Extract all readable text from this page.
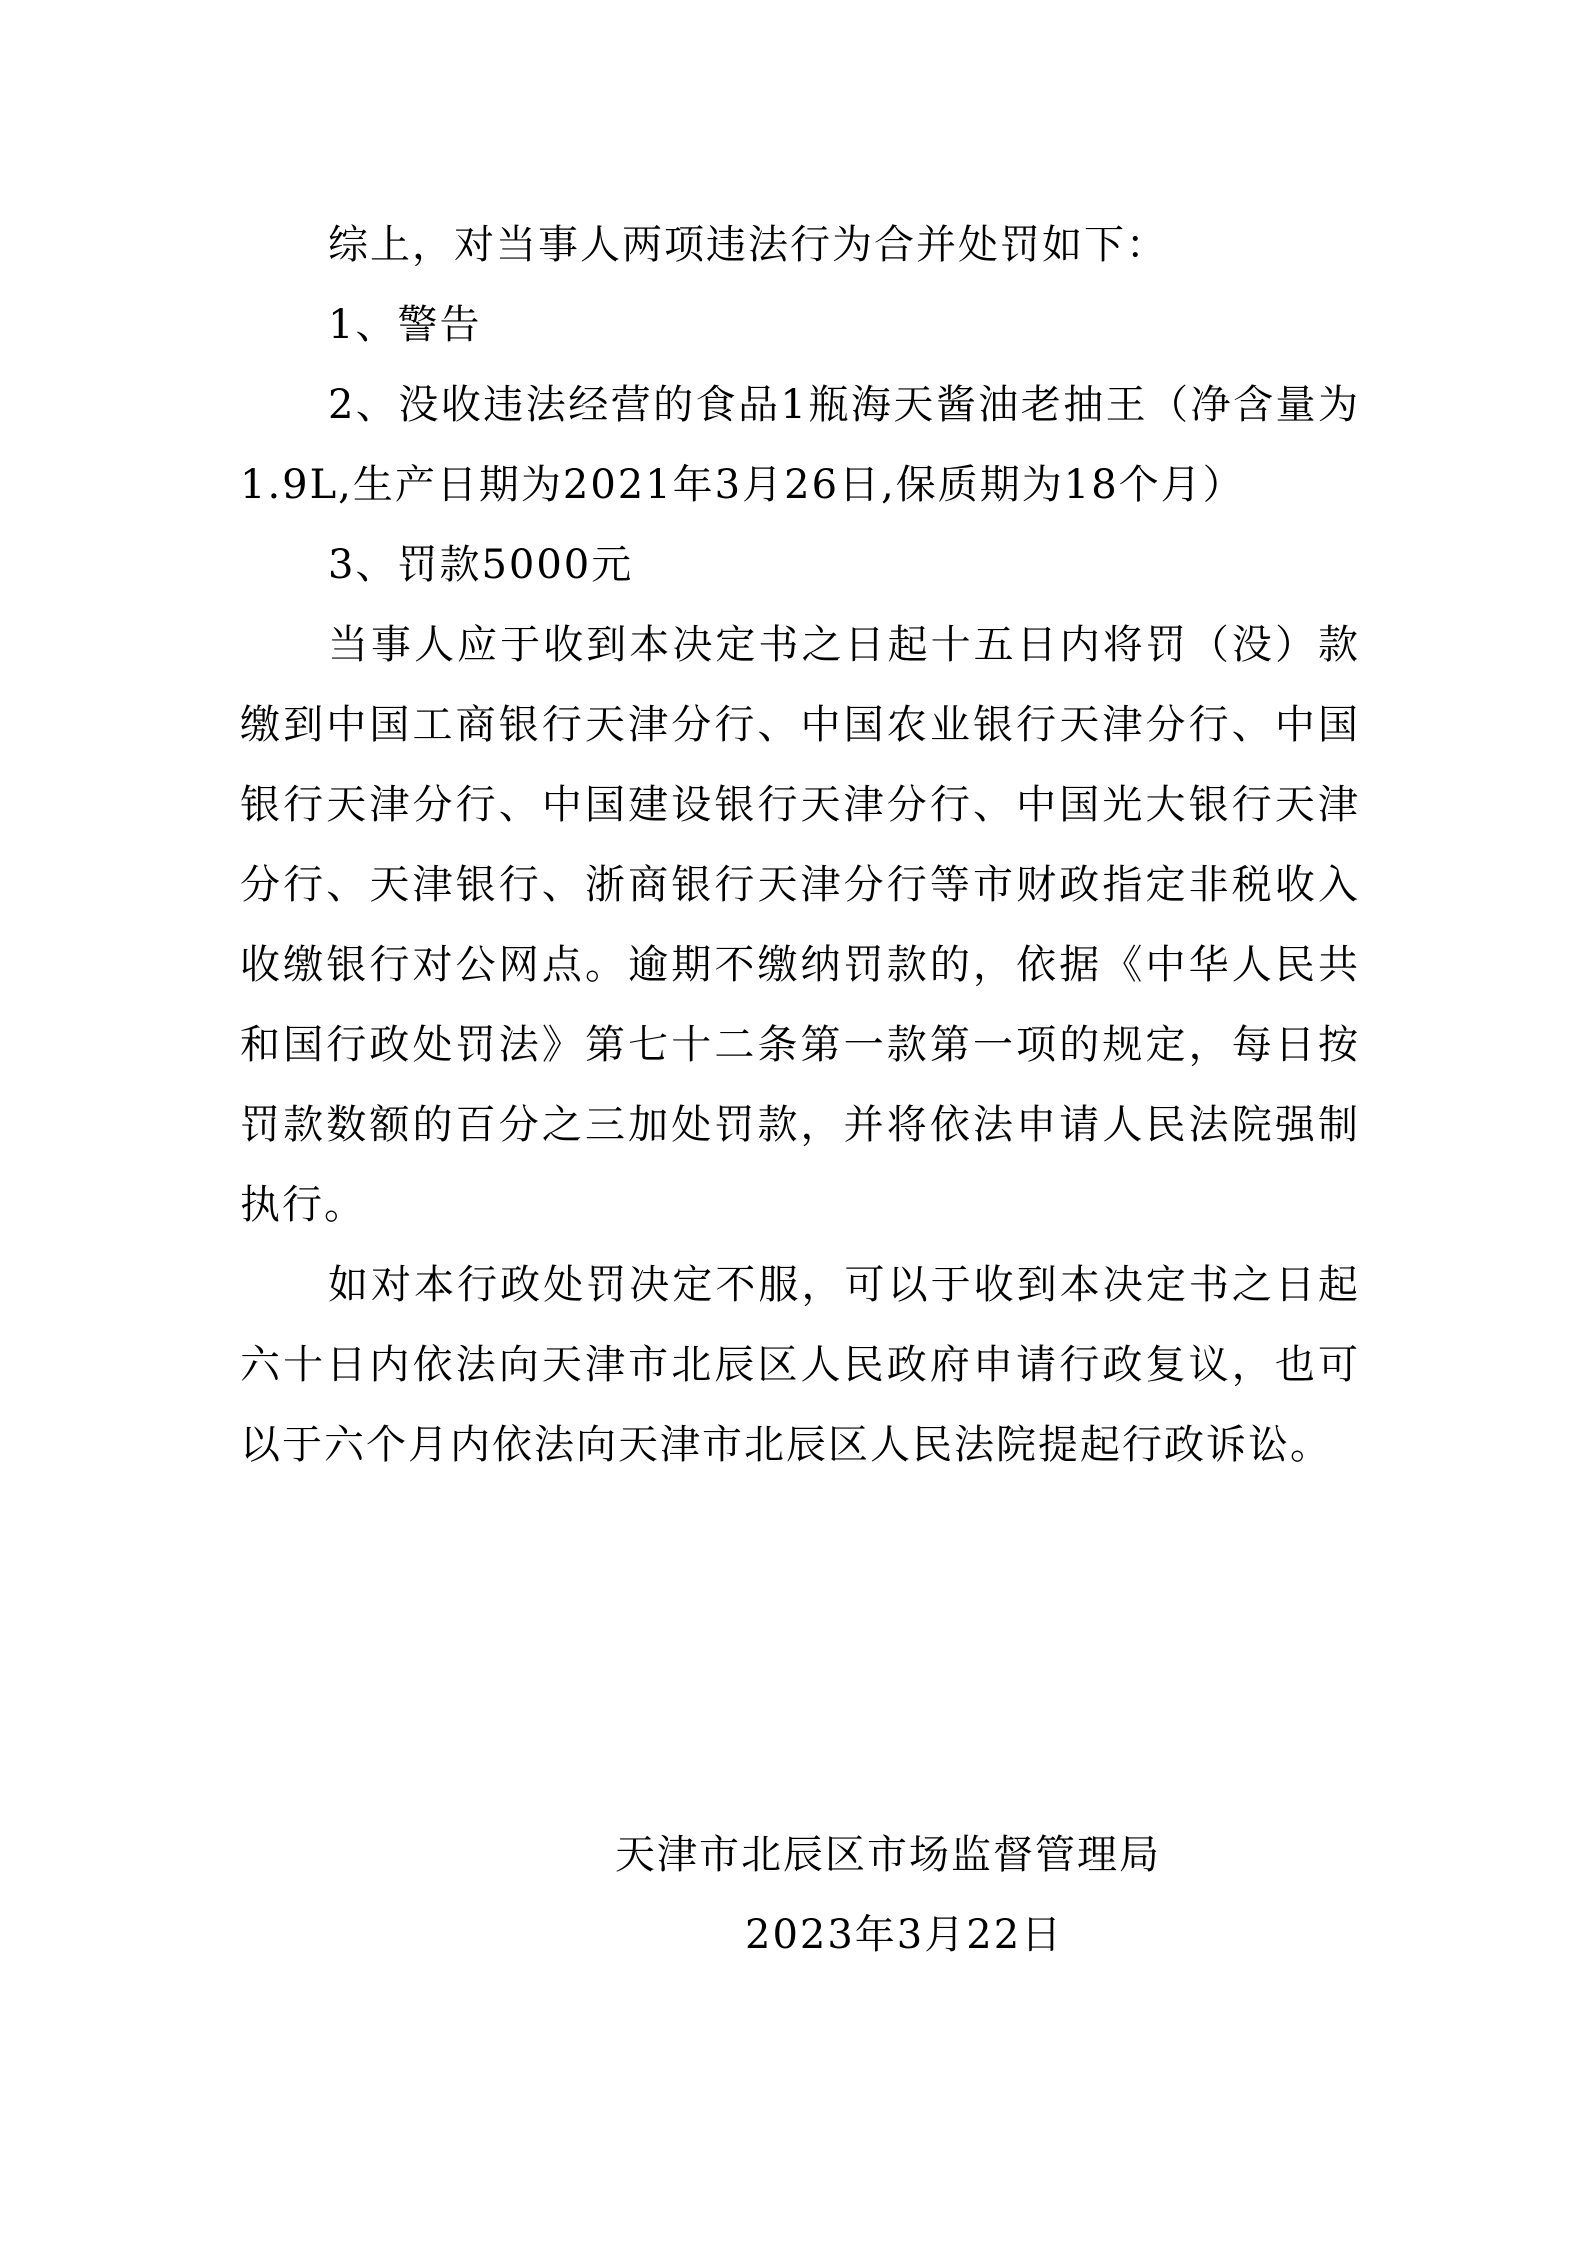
综上，对当事人两项违法行为合并处罚如下：

1、警告

2、没收违法经营的食品1瓶海天酱油老抽王（净含量为1.9L,生产日期为2021年3月26日,保质期为18个月）

3、罚款5000元

当事人应于收到本决定书之日起十五日内将罚（没）款缴到中国工商银行天津分行、中国农业银行天津分行、中国银行天津分行、中国建设银行天津分行、中国光大银行天津分行、天津银行、浙商银行天津分行等市财政指定非税收入收缴银行对公网点。逾期不缴纳罚款的，依据《中华人民共和国行政处罚法》第七十二条第一款第一项的规定，每日按罚款数额的百分之三加处罚款，并将依法申请人民法院强制执行。

如对本行政处罚决定不服，可以于收到本决定书之日起六十日内依法向天津市北辰区人民政府申请行政复议，也可以于六个月内依法向天津市北辰区人民法院提起行政诉讼。

天津市北辰区市场监督管理局
2023年3月22日
